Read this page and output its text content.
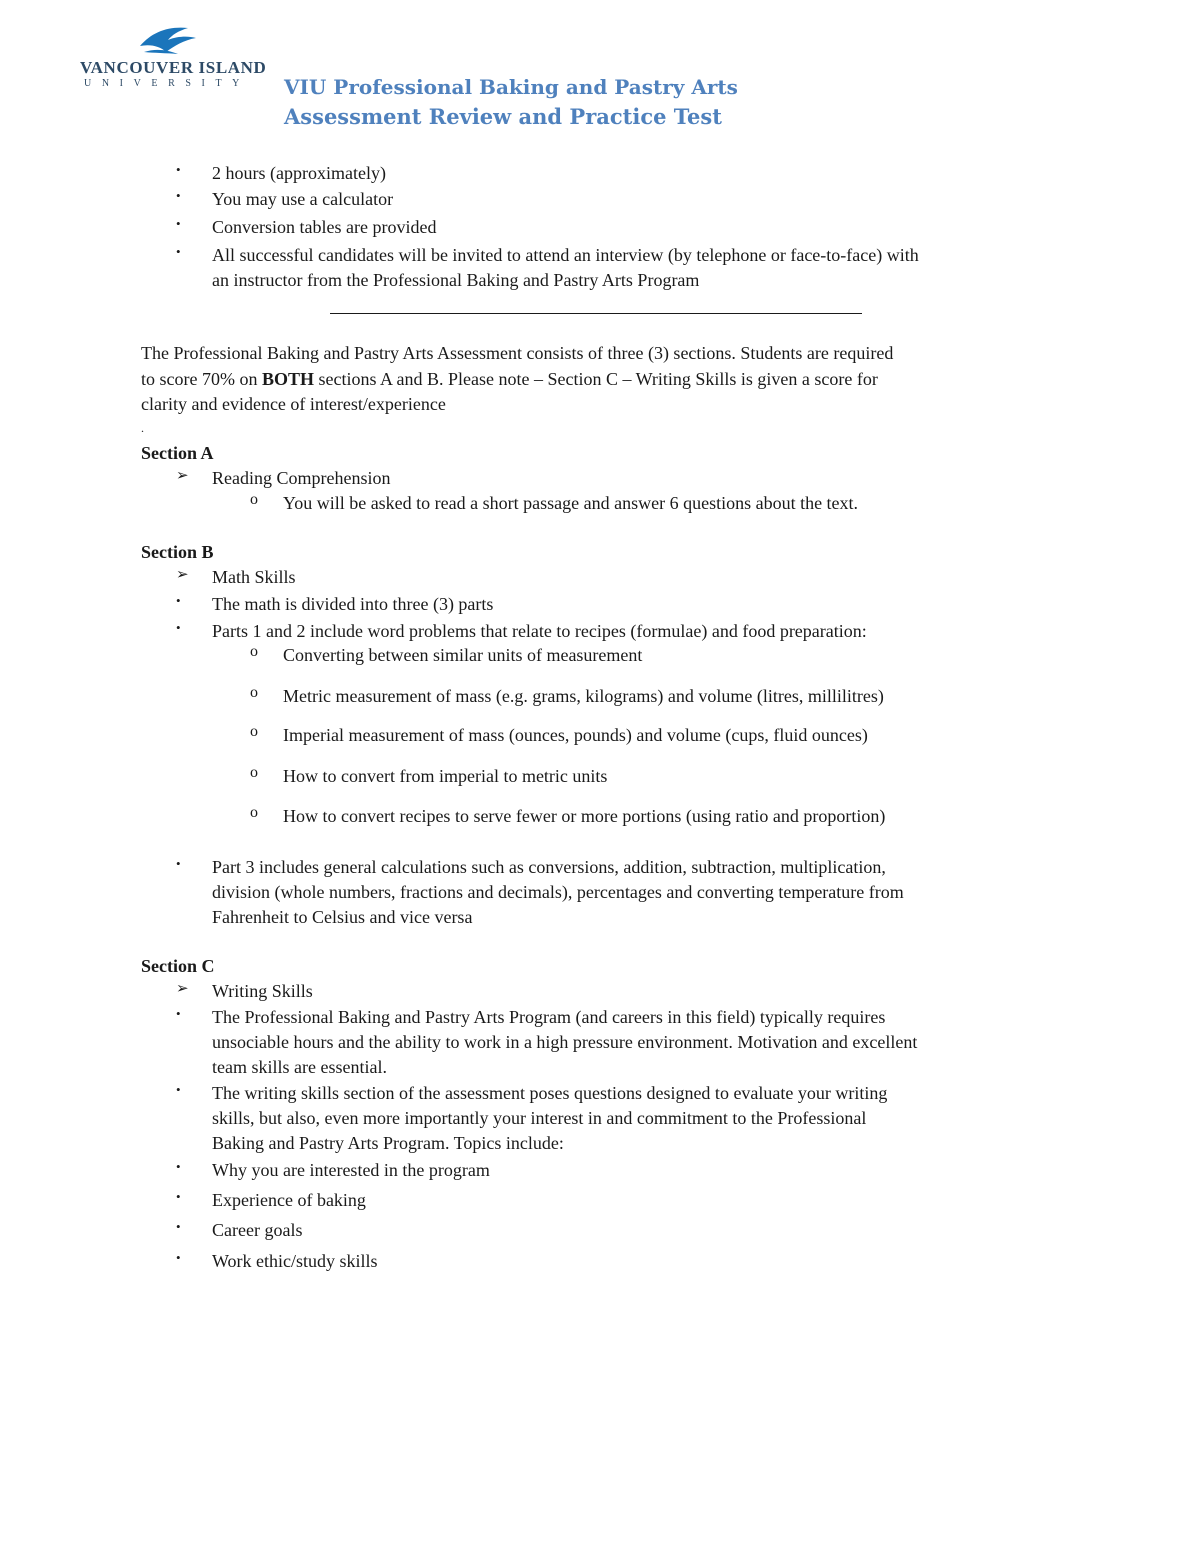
VANCOUVER ISLAND
UNIVERSITY VIU Professional Baking and Pastry Arts
Assessment Review and Practice Test
• 2 hours (approximately)
• You may use a calculator
• Conversion tables are provided
• All successful candidates will be invited to attend an interview (by telephone or face-to-face) with
an instructor from the Professional Baking and Pastry Arts Program
The Professional Baking and Pastry Arts Assessment consists of three (3) sections. Students are required
to score 70% on BOTH sections A and B. Please note – Section C – Writing Skills is given a score for
clarity and evidence of interest/experience
.
Section A
➢ Reading Comprehension
o You will be asked to read a short passage and answer 6 questions about the text.
Section B
➢ Math Skills
• The math is divided into three (3) parts
• Parts 1 and 2 include word problems that relate to recipes (formulae) and food preparation:
o Converting between similar units of measurement
o Metric measurement of mass (e.g. grams, kilograms) and volume (litres, millilitres)
o Imperial measurement of mass (ounces, pounds) and volume (cups, fluid ounces)
o How to convert from imperial to metric units
o How to convert recipes to serve fewer or more portions (using ratio and proportion)
• Part 3 includes general calculations such as conversions, addition, subtraction, multiplication,
division (whole numbers, fractions and decimals), percentages and converting temperature from
Fahrenheit to Celsius and vice versa
Section C
➢ Writing Skills
• The Professional Baking and Pastry Arts Program (and careers in this field) typically requires
unsociable hours and the ability to work in a high pressure environment. Motivation and excellent
team skills are essential.
• The writing skills section of the assessment poses questions designed to evaluate your writing
skills, but also, even more importantly your interest in and commitment to the Professional
Baking and Pastry Arts Program. Topics include:
• Why you are interested in the program
• Experience of baking
• Career goals
• Work ethic/study skills
